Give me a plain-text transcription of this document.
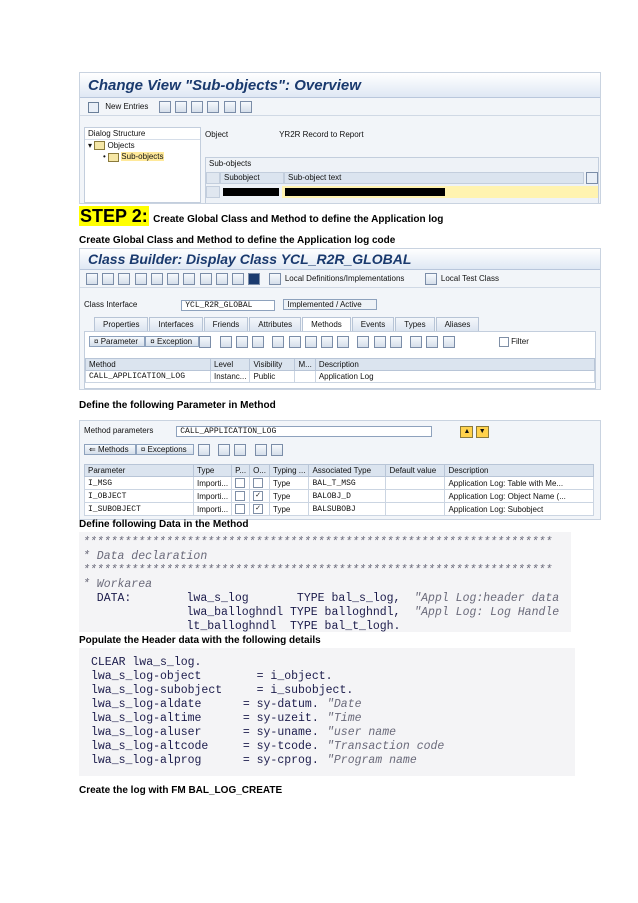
Change View "Sub-objects": Overview
New Entries
Dialog Structure
▾ Objects
• Sub-objects
Object	YR2R Record to Report
Sub-objects
Subobject	Sub-object text
STEP 2: Create Global Class and Method to define the Application log
Create Global Class and Method to define the Application log code
Class Builder: Display Class YCL_R2R_GLOBAL
Local Definitions/Implementations	Local Test Class
Class Interface	YCL_R2R_GLOBAL	Implemented / Active
Properties Interfaces Friends Attributes Methods Events Types Aliases
¤ Parameter ¤ Exception	Filter
Method	Level	Visibility	M...	Description
CALL_APPLICATION_LOG	Instanc...	Public		Application Log
Define the following Parameter in Method
Method parameters	CALL_APPLICATION_LOG	▲ ▼
⇐ Methods ¤ Exceptions
Parameter	Type	P...	O...	Typing ...	Associated Type	Default value	Description
I_MSG	Importi...			Type	BAL_T_MSG		Application Log: Table with Me...
I_OBJECT	Importi...		✓	Type	BALOBJ_D		Application Log: Object Name (...
I_SUBOBJECT	Importi...		✓	Type	BALSUBOBJ		Application Log: Subobject
Define following Data in the Method
********************************************************************
* Data declaration
********************************************************************
* Workarea
DATA:        lwa_s_log       TYPE bal_s_log,  "Appl Log:header data
lwa_balloghndl TYPE balloghndl,  "Appl Log: Log Handle
lt_balloghndl  TYPE bal_t_logh.
Populate the Header data with the following details
CLEAR lwa_s_log.
lwa_s_log-object        = i_object.
lwa_s_log-subobject     = i_subobject.
lwa_s_log-aldate      = sy-datum. "Date
lwa_s_log-altime      = sy-uzeit. "Time
lwa_s_log-aluser      = sy-uname. "user name
lwa_s_log-altcode     = sy-tcode. "Transaction code
lwa_s_log-alprog      = sy-cprog. "Program name
Create the log with FM BAL_LOG_CREATE
